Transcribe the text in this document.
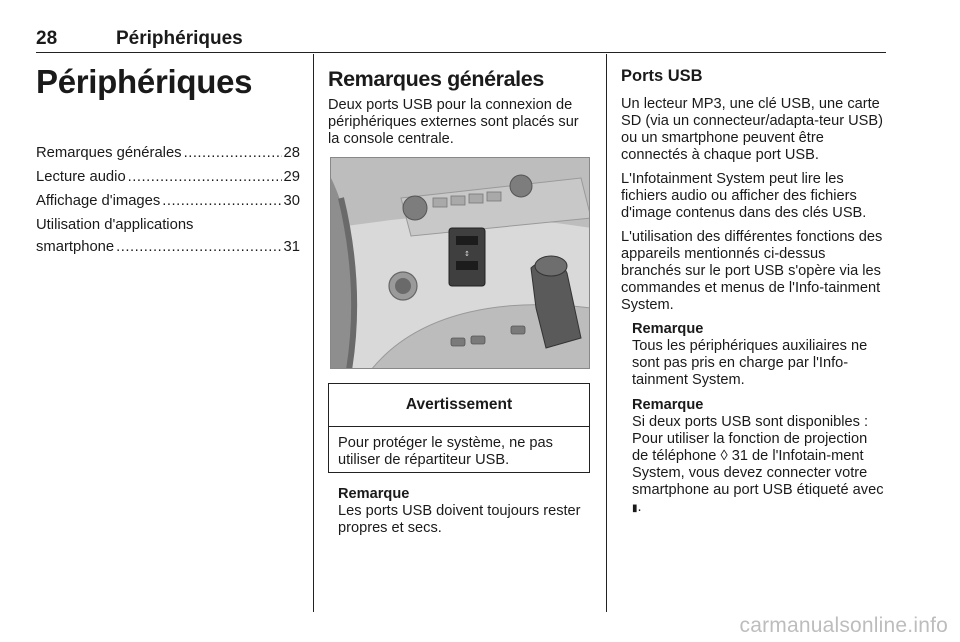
28	Périphériques
Périphériques
Remarques générales .....	28
Lecture audio .....	29
Affichage d'images .....	30
Utilisation d'applications
smartphone .....	31
Remarques générales

Deux ports USB pour la connexion de périphériques externes sont placés sur la console centrale.

↕
Avertissement
Pour protéger le système, ne pas utiliser de répartiteur USB.
Remarque
Les ports USB doivent toujours rester propres et secs.
Ports USB

Un lecteur MP3, une clé USB, une carte SD (via un connecteur/adapta-teur USB) ou un smartphone peuvent être connectés à chaque port USB.

L'Infotainment System peut lire les fichiers audio ou afficher des fichiers d'image contenus dans des clés USB.

L'utilisation des différentes fonctions des appareils mentionnés ci-dessus branchés sur le port USB s'opère via les commandes et menus de l'Info-tainment System.

Remarque
Tous les périphériques auxiliaires ne sont pas pris en charge par l'Info-tainment System.
Remarque
Si deux ports USB sont disponibles : Pour utiliser la fonction de projection de téléphone ◊ 31 de l'Infotain-ment System, vous devez connecter votre smartphone au port USB étiqueté avec ▮.
carmanualsonline.info
